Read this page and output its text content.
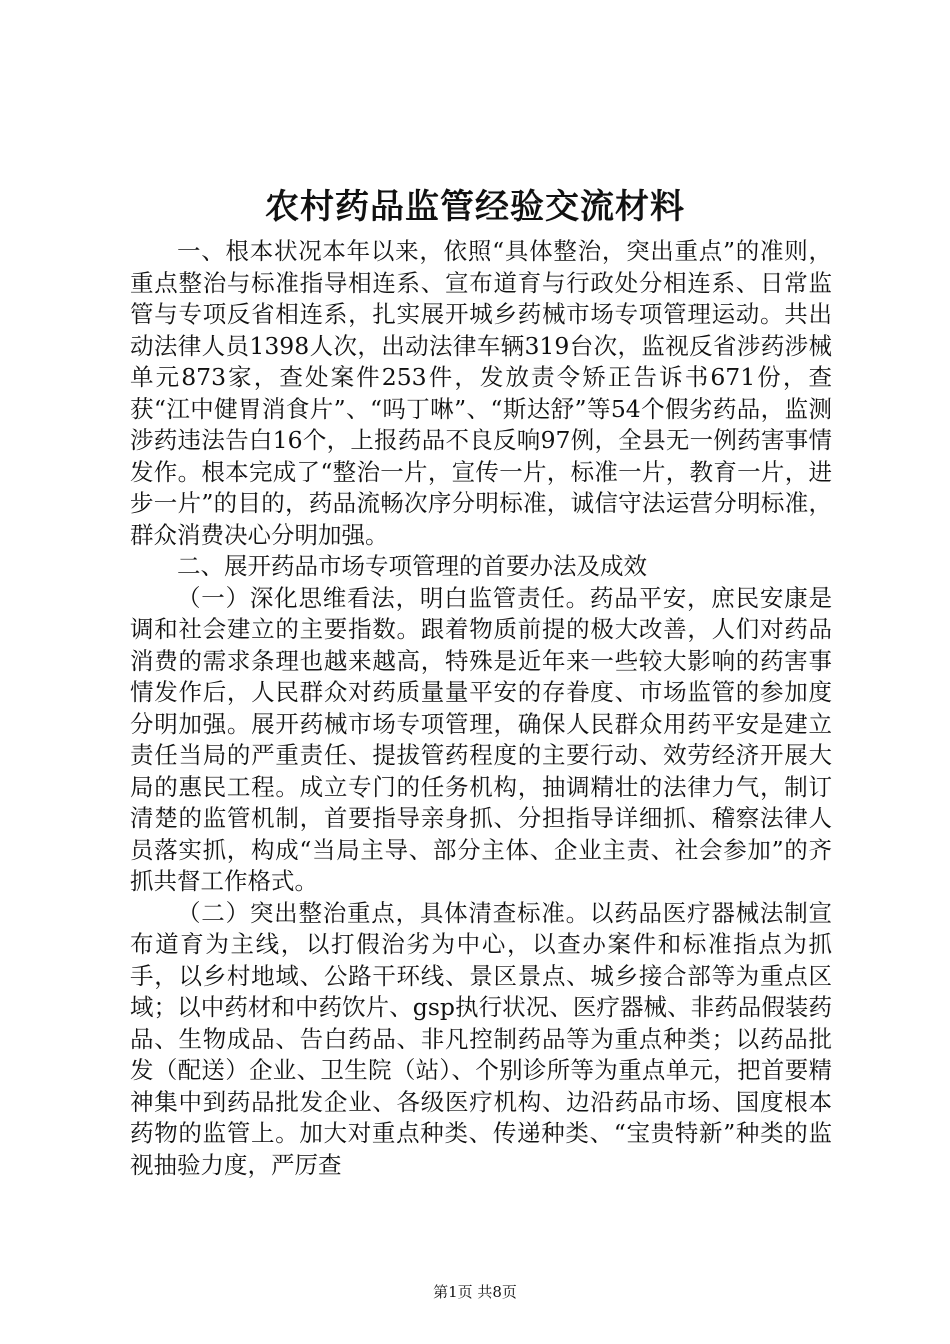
农村药品监管经验交流材料

一、根本状况本年以来，依照“具体整治，突出重点”的准则，重点整治与标准指导相连系、宣布道育与行政处分相连系、日常监管与专项反省相连系，扎实展开城乡药械市场专项管理运动。共出动法律人员1398人次，出动法律车辆319台次，监视反省涉药涉械单元873家，查处案件253件，发放责令矫正告诉书671份，查获“江中健胃消食片”、“吗丁啉”、“斯达舒”等54个假劣药品，监测涉药违法告白16个，上报药品不良反响97例，全县无一例药害事情发作。根本完成了“整治一片，宣传一片，标准一片，教育一片，进步一片”的目的，药品流畅次序分明标准，诚信守法运营分明标准，群众消费决心分明加强。

二、展开药品市场专项管理的首要办法及成效

（一）深化思维看法，明白监管责任。药品平安，庶民安康是调和社会建立的主要指数。跟着物质前提的极大改善，人们对药品消费的需求条理也越来越高，特殊是近年来一些较大影响的药害事情发作后，人民群众对药质量量平安的存眷度、市场监管的参加度分明加强。展开药械市场专项管理，确保人民群众用药平安是建立责任当局的严重责任、提拔管药程度的主要行动、效劳经济开展大局的惠民工程。成立专门的任务机构，抽调精壮的法律力气，制订清楚的监管机制，首要指导亲身抓、分担指导详细抓、稽察法律人员落实抓，构成“当局主导、部分主体、企业主责、社会参加”的齐抓共督工作格式。

（二）突出整治重点，具体清查标准。以药品医疗器械法制宣布道育为主线，以打假治劣为中心，以查办案件和标准指点为抓手，以乡村地域、公路干环线、景区景点、城乡接合部等为重点区域；以中药材和中药饮片、gsp执行状况、医疗器械、非药品假装药品、生物成品、告白药品、非凡控制药品等为重点种类；以药品批发（配送）企业、卫生院（站）、个别诊所等为重点单元，把首要精神集中到药品批发企业、各级医疗机构、边沿药品市场、国度根本药物的监管上。加大对重点种类、传递种类、“宝贵特新”种类的监视抽验力度，严厉查

第1页 共8页
